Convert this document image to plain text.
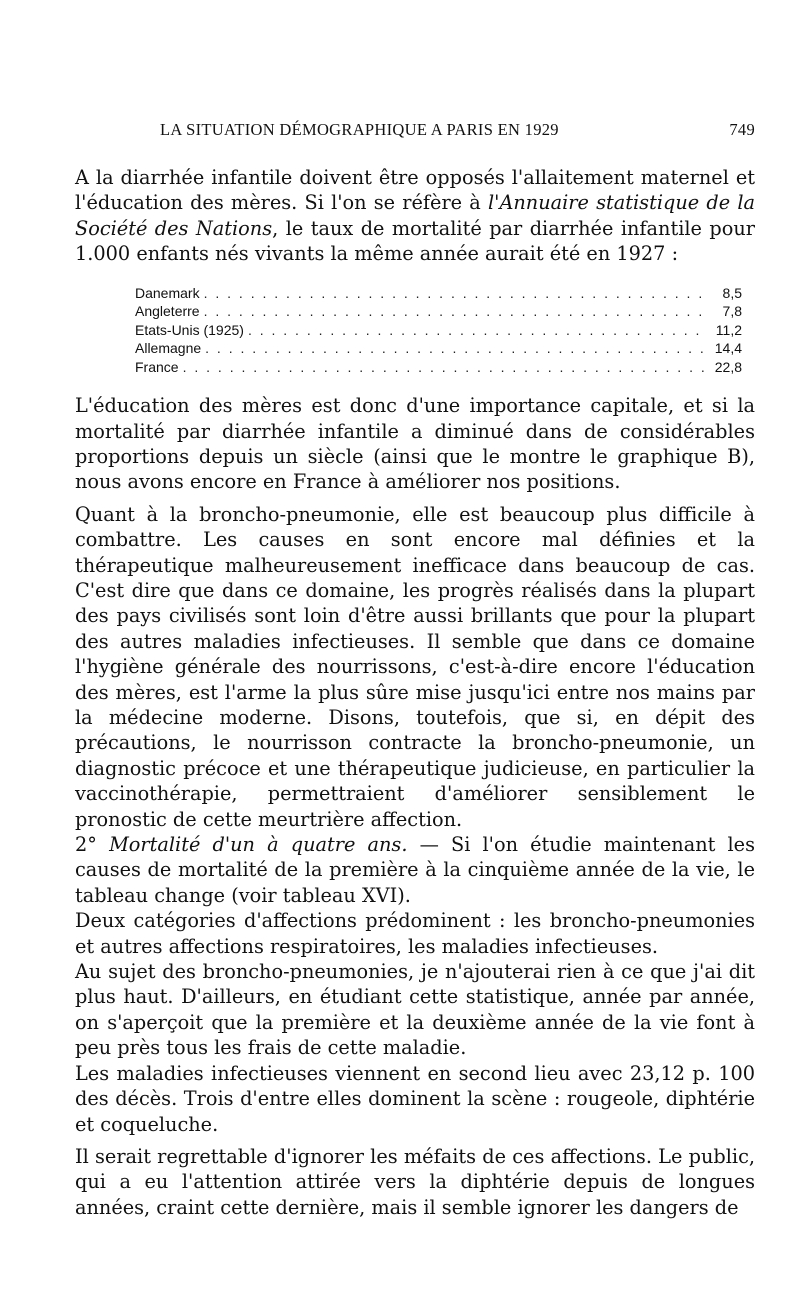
LA SITUATION DÉMOGRAPHIQUE A PARIS EN 1929	749

A la diarrhée infantile doivent être opposés l'allaitement maternel et l'éducation des mères. Si l'on se réfère à l'Annuaire statistique de la Société des Nations, le taux de mortalité par diarrhée infantile pour 1.000 enfants nés vivants la même année aurait été en 1927 :

Danemark . . .	8,5
Angleterre . . .	7,8
Etats-Unis (1925) . . .	11,2
Allemagne . . .	14,4
France . . .	22,8

L'éducation des mères est donc d'une importance capitale, et si la mortalité par diarrhée infantile a diminué dans de considérables proportions depuis un siècle (ainsi que le montre le graphique B), nous avons encore en France à améliorer nos positions.

Quant à la broncho-pneumonie, elle est beaucoup plus difficile à combattre. Les causes en sont encore mal définies et la thérapeutique malheureusement inefficace dans beaucoup de cas. C'est dire que dans ce domaine, les progrès réalisés dans la plupart des pays civilisés sont loin d'être aussi brillants que pour la plupart des autres maladies infectieuses. Il semble que dans ce domaine l'hygiène générale des nourrissons, c'est-à-dire encore l'éducation des mères, est l'arme la plus sûre mise jusqu'ici entre nos mains par la médecine moderne. Disons, toutefois, que si, en dépit des précautions, le nourrisson contracte la broncho-pneumonie, un diagnostic précoce et une thérapeutique judicieuse, en particulier la vaccinothérapie, permettraient d'améliorer sensiblement le pronostic de cette meurtrière affection.

2° Mortalité d'un à quatre ans. — Si l'on étudie maintenant les causes de mortalité de la première à la cinquième année de la vie, le tableau change (voir tableau XVI).

Deux catégories d'affections prédominent : les broncho-pneumonies et autres affections respiratoires, les maladies infectieuses.

Au sujet des broncho-pneumonies, je n'ajouterai rien à ce que j'ai dit plus haut. D'ailleurs, en étudiant cette statistique, année par année, on s'aperçoit que la première et la deuxième année de la vie font à peu près tous les frais de cette maladie.

Les maladies infectieuses viennent en second lieu avec 23,12 p. 100 des décès. Trois d'entre elles dominent la scène : rougeole, diphtérie et coqueluche.

Il serait regrettable d'ignorer les méfaits de ces affections. Le public, qui a eu l'attention attirée vers la diphtérie depuis de longues années, craint cette dernière, mais il semble ignorer les dangers de
